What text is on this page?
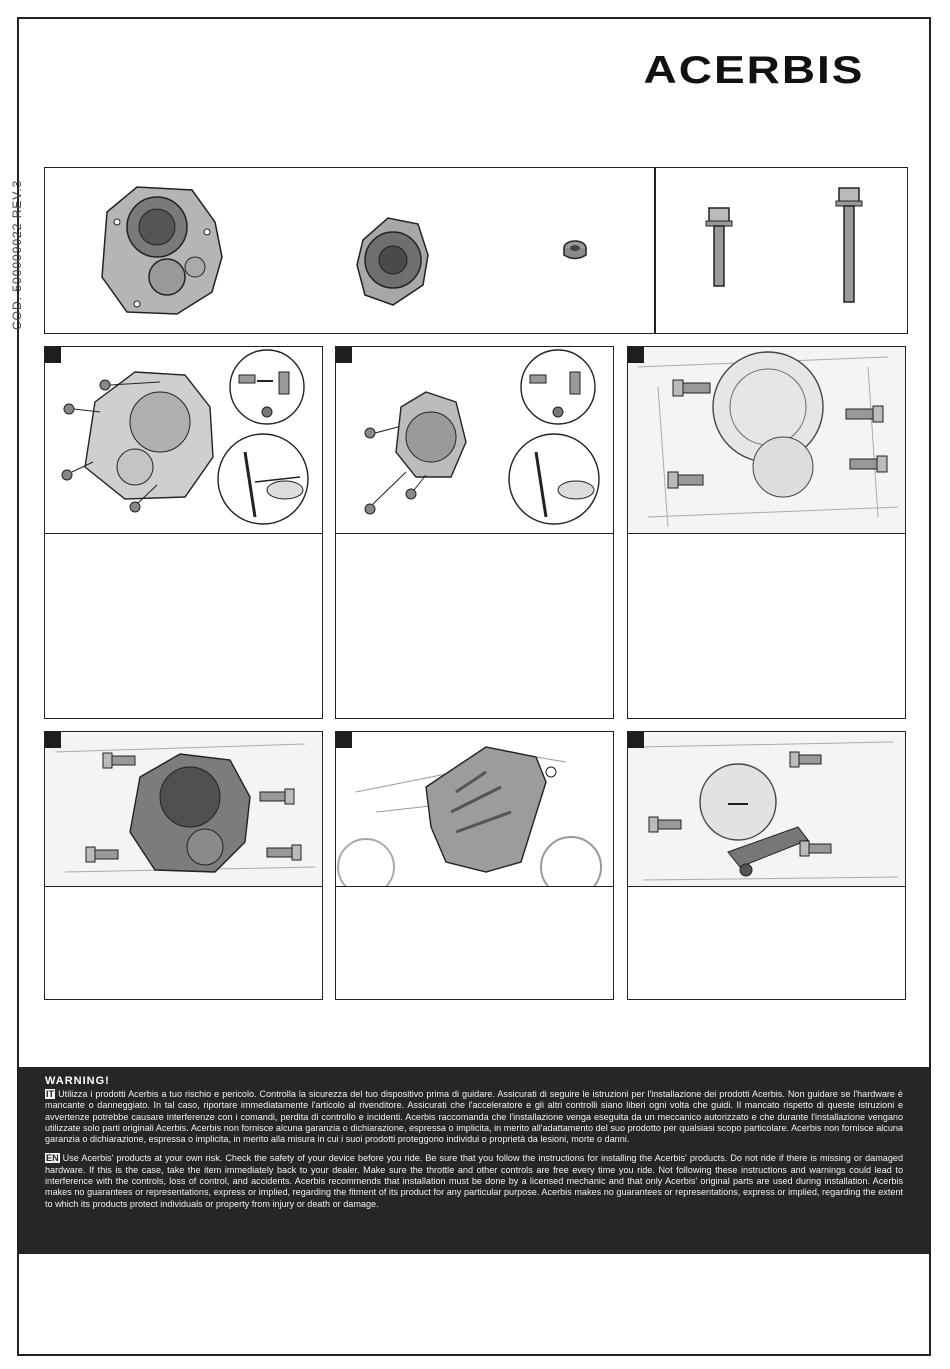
ACERBIS
COD. 500009022 REV.3
WARNING!

IT Utilizza i prodotti Acerbis a tuo rischio e pericolo. Controlla la sicurezza del tuo dispositivo prima di guidare. Assicurati di seguire le istruzioni per l'installazione dei prodotti Acerbis. Non guidare se l'hardware è mancante o danneggiato. In tal caso, riportare immediatamente l'articolo al rivenditore. Assicurati che l'acceleratore e gli altri controlli siano liberi ogni volta che guidi. Il mancato rispetto di queste istruzioni e avvertenze potrebbe causare interferenze con i comandi, perdita di controllo e incidenti. Acerbis raccomanda che l'installazione venga eseguita da un meccanico autorizzato e che durante l'installazione vengano utilizzate solo parti originali Acerbis. Acerbis non fornisce alcuna garanzia o dichiarazione, espressa o implicita, in merito all'adattamento del suo prodotto per qualsiasi scopo particolare. Acerbis non fornisce alcuna garanzia o dichiarazione, espressa o implicita, in merito alla misura in cui i suoi prodotti proteggono individui o proprietà da lesioni, morte o danni.

EN Use Acerbis' products at your own risk. Check the safety of your device before you ride. Be sure that you follow the instructions for installing the Acerbis' products. Do not ride if there is missing or damaged hardware. If this is the case, take the item immediately back to your dealer. Make sure the throttle and other controls are free every time you ride. Not following these instructions and warnings could lead to interference with the controls, loss of control, and accidents. Acerbis recommends that installation must be done by a licensed mechanic and that only Acerbis' original parts are used during installation. Acerbis makes no guarantees or representations, express or implied, regarding the fitment of its product for any particular purpose. Acerbis makes no guarantees or representations, express or implied, regarding the extent to which its products protect individuals or property from injury or death or damage.
